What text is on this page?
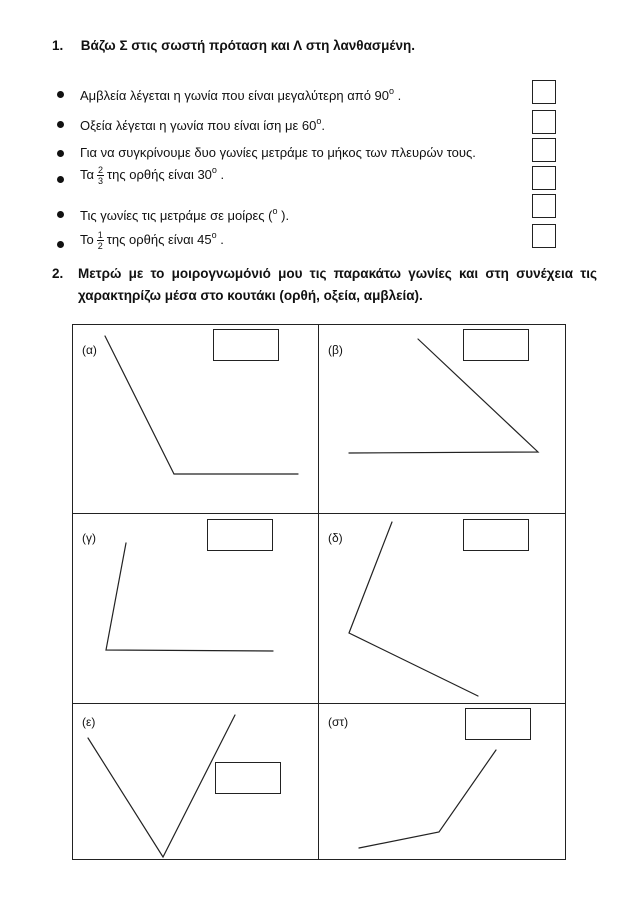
1. Βάζω Σ στις σωστή πρόταση και Λ στη λανθασμένη.
Αμβλεία λέγεται η γωνία που είναι μεγαλύτερη από $90^o$ .
Οξεία λέγεται η γωνία που είναι ίση με $60^o$.
Για να συγκρίνουμε δυο γωνίες μετράμε το μήκος των πλευρών τους.
Τα $\frac{2}{3}$ της ορθής είναι $30^o$ .
Τις γωνίες τις μετράμε σε μοίρες ($^o$ ).
Το $\frac{1}{2}$ της ορθής είναι $45^o$ .
2.	Μετρώ με το μοιρογνωμόνιό μου τις παρακάτω γωνίες και στη συνέχεια τις χαρακτηρίζω μέσα στο κουτάκι (ορθή, οξεία, αμβλεία).
(α)	(β)
(γ)	(δ)
(ε)	(στ)
